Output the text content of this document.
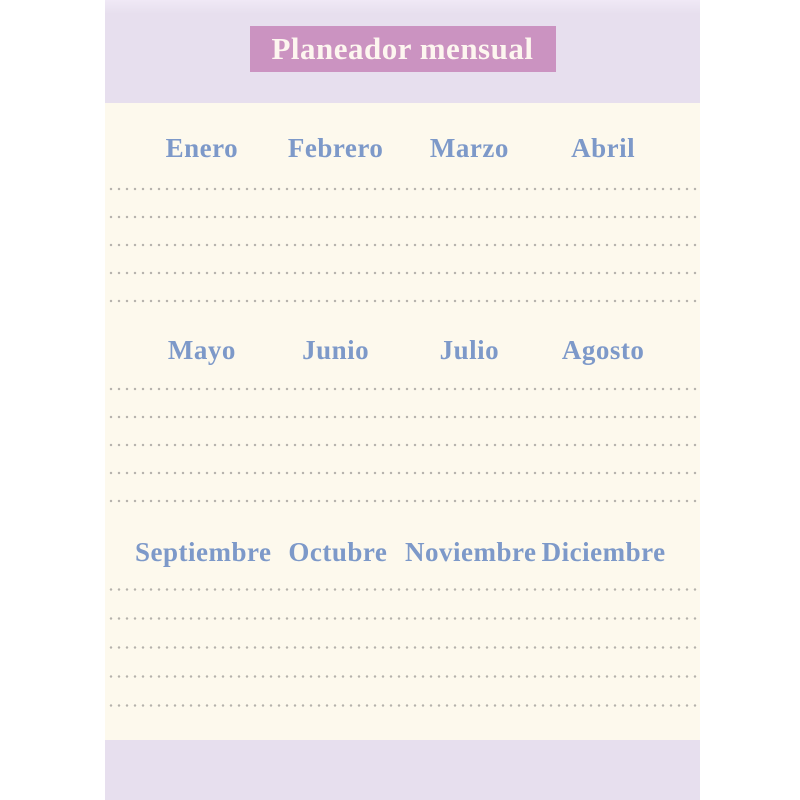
Planeador mensual
Enero	Febrero	Marzo	Abril
Mayo	Junio	Julio	Agosto
Septiembre Octubre Noviembre Diciembre
